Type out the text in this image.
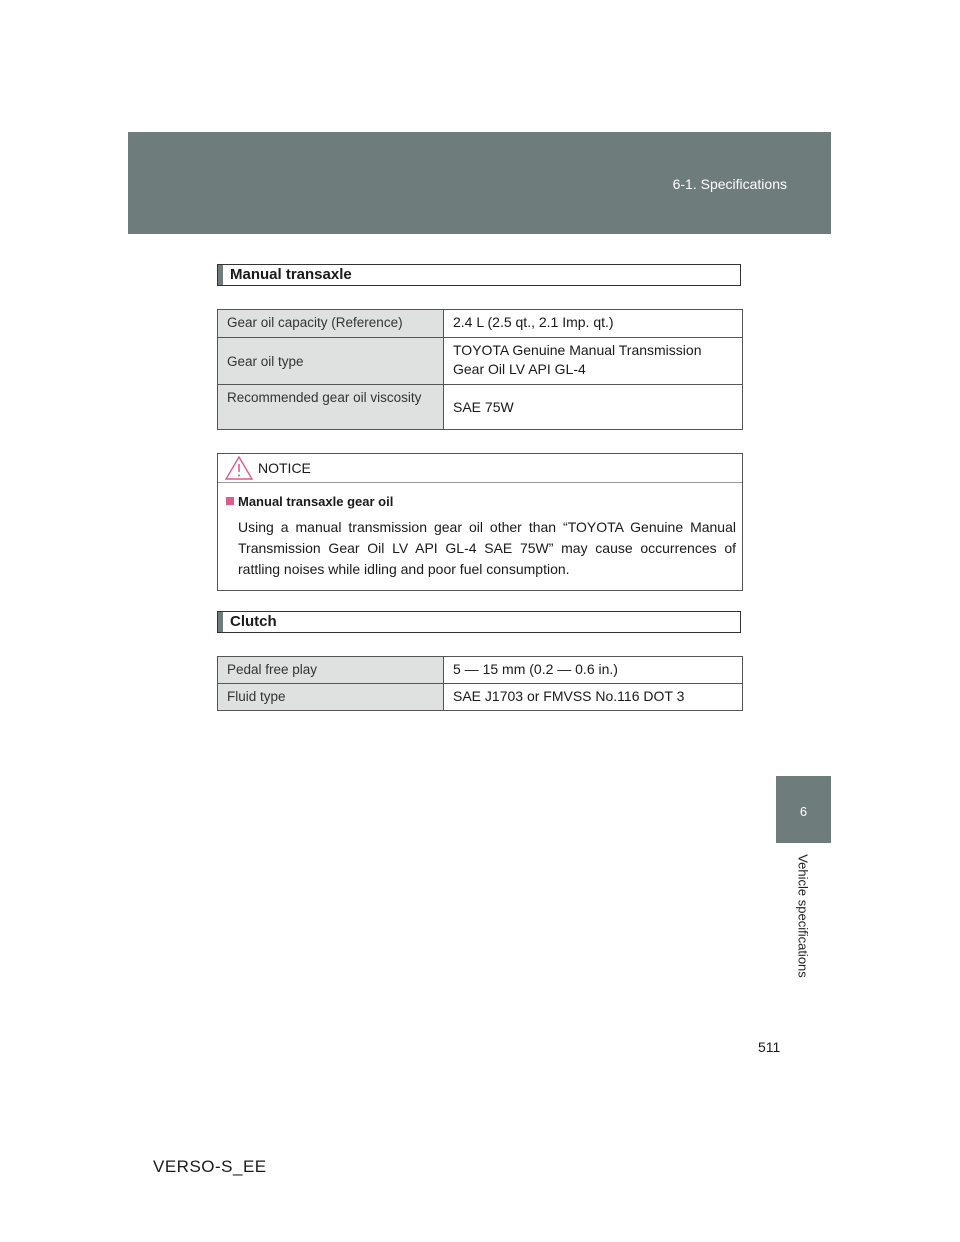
6-1. Specifications
6
Vehicle specifications
Manual transaxle
Gear oil capacity (Reference)	2.4 L (2.5 qt., 2.1 Imp. qt.)
Gear oil type	TOYOTA Genuine Manual Transmission Gear Oil LV API GL-4
Recommended gear oil viscosity	SAE 75W
NOTICE
Manual transaxle gear oil
Using a manual transmission gear oil other than “TOYOTA Genuine Manual Transmission Gear Oil LV API GL-4 SAE 75W” may cause occurrences of rattling noises while idling and poor fuel consumption.
Clutch
Pedal free play	5 — 15 mm (0.2 — 0.6 in.)
Fluid type	SAE J1703 or FMVSS No.116 DOT 3
511
VERSO-S_EE
